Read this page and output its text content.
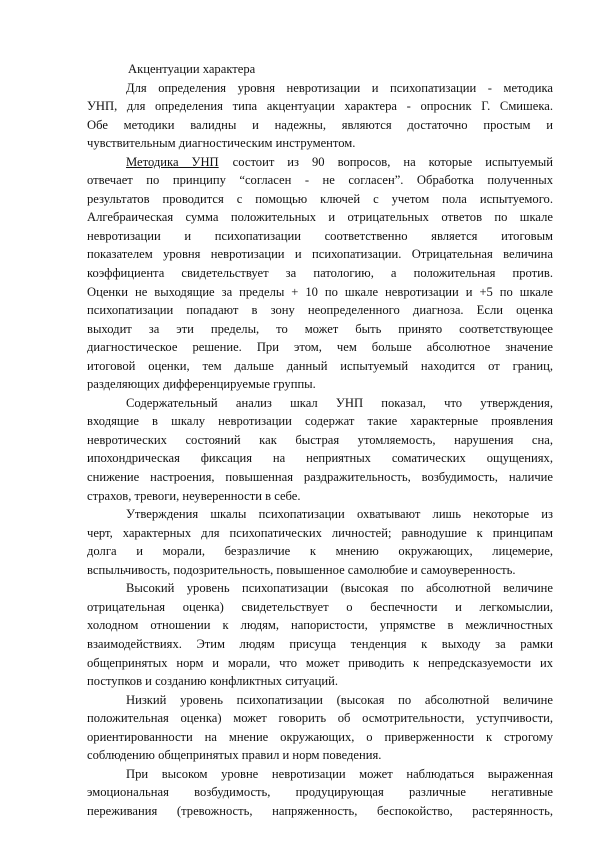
Акцентуации характера
Для определения уровня невротизации и психопатизации - методика
УНП, для определения типа акцентуации характера - опросник Г. Смишека.
Обе методики валидны и надежны, являются достаточно простым и
чувствительным диагностическим инструментом.
Методика УНП состоит из 90 вопросов, на которые испытуемый
отвечает по принципу “согласен - не согласен”. Обработка полученных
результатов проводится с помощью ключей с учетом пола испытуемого.
Алгебраическая сумма положительных и отрицательных ответов по шкале
невротизации и психопатизации соответственно является итоговым
показателем уровня невротизации и психопатизации. Отрицательная величина
коэффициента свидетельствует за патологию, а положительная против.
Оценки не выходящие за пределы + 10 по шкале невротизации и +5 по шкале
психопатизации попадают в зону неопределенного диагноза. Если оценка
выходит за эти пределы, то может быть принято соответствующее
диагностическое решение. При этом, чем больше абсолютное значение
итоговой оценки, тем дальше данный испытуемый находится от границ,
разделяющих дифференцируемые группы.
Содержательный анализ шкал УНП показал, что утверждения,
входящие в шкалу невротизации содержат такие характерные проявления
невротических состояний как быстрая утомляемость, нарушения сна,
ипохондрическая фиксация на неприятных соматических ощущениях,
снижение настроения, повышенная раздражительность, возбудимость, наличие
страхов, тревоги, неуверенности в себе.
Утверждения шкалы психопатизации охватывают лишь некоторые из
черт, характерных для психопатических личностей; равнодушие к принципам
долга и морали, безразличие к мнению окружающих, лицемерие,
вспыльчивость, подозрительность, повышенное самолюбие и самоуверенность.
Высокий уровень психопатизации (высокая по абсолютной величине
отрицательная оценка) свидетельствует о беспечности и легкомыслии,
холодном отношении к людям, напористости, упрямстве в межличностных
взаимодействиях. Этим людям присуща тенденция к выходу за рамки
общепринятых норм и морали, что может приводить к непредсказуемости их
поступков и созданию конфликтных ситуаций.
Низкий уровень психопатизации (высокая по абсолютной величине
положительная оценка) может говорить об осмотрительности, уступчивости,
ориентированности на мнение окружающих, о приверженности к строгому
соблюдению общепринятых правил и норм поведения.
При высоком уровне невротизации может наблюдаться выраженная
эмоциональная возбудимость, продуцирующая различные негативные
переживания (тревожность, напряженность, беспокойство, растерянность,
